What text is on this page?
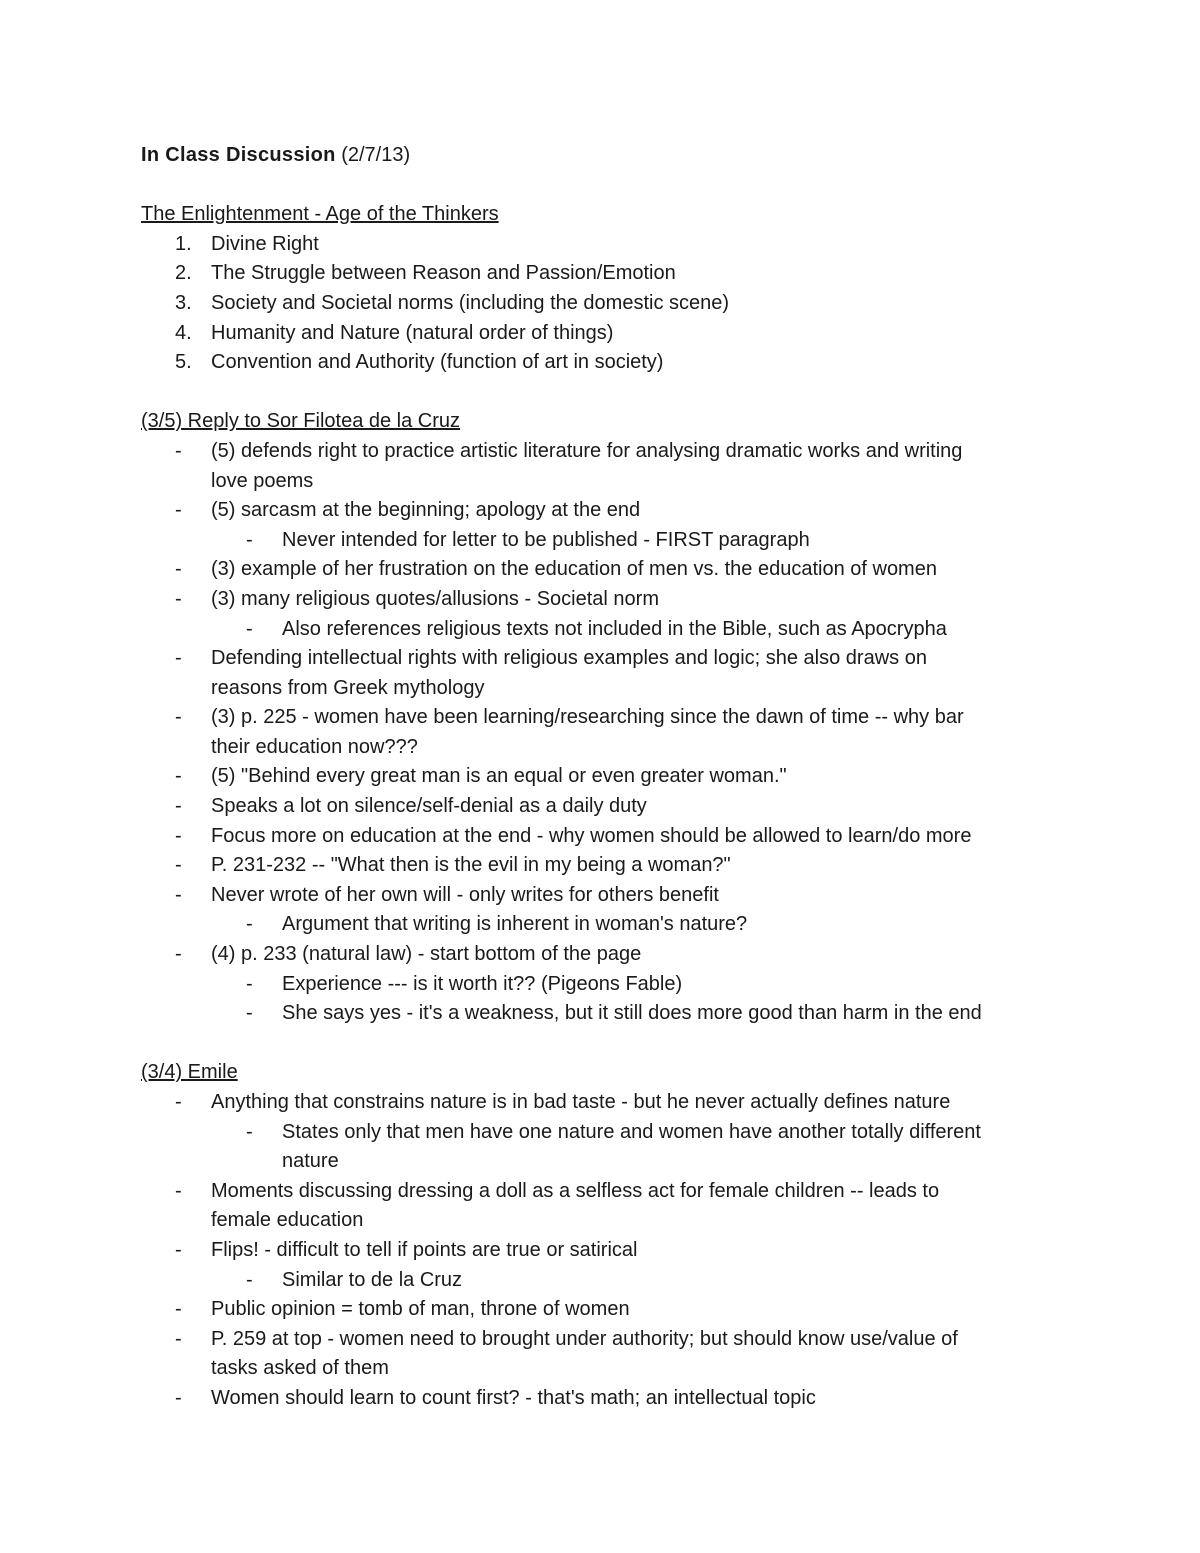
In Class Discussion (2/7/13)
The Enlightenment - Age of the Thinkers
1. Divine Right
2. The Struggle between Reason and Passion/Emotion
3. Society and Societal norms (including the domestic scene)
4. Humanity and Nature (natural order of things)
5. Convention and Authority (function of art in society)
(3/5) Reply to Sor Filotea de la Cruz
- (5) defends right to practice artistic literature for analysing dramatic works and writing
love poems
- (5) sarcasm at the beginning; apology at the end
- Never intended for letter to be published - FIRST paragraph
- (3) example of her frustration on the education of men vs. the education of women
- (3) many religious quotes/allusions - Societal norm
- Also references religious texts not included in the Bible, such as Apocrypha
- Defending intellectual rights with religious examples and logic; she also draws on
reasons from Greek mythology
- (3) p. 225 - women have been learning/researching since the dawn of time -- why bar
their education now???
- (5) "Behind every great man is an equal or even greater woman."
- Speaks a lot on silence/self-denial as a daily duty
- Focus more on education at the end - why women should be allowed to learn/do more
- P. 231-232 -- "What then is the evil in my being a woman?"
- Never wrote of her own will - only writes for others benefit
- Argument that writing is inherent in woman's nature?
- (4) p. 233 (natural law) - start bottom of the page
- Experience --- is it worth it?? (Pigeons Fable)
- She says yes - it's a weakness, but it still does more good than harm in the end
(3/4) Emile
- Anything that constrains nature is in bad taste - but he never actually defines nature
- States only that men have one nature and women have another totally different
nature
- Moments discussing dressing a doll as a selfless act for female children -- leads to
female education
- Flips! - difficult to tell if points are true or satirical
- Similar to de la Cruz
- Public opinion = tomb of man, throne of women
- P. 259 at top - women need to brought under authority; but should know use/value of
tasks asked of them
- Women should learn to count first? - that's math; an intellectual topic
